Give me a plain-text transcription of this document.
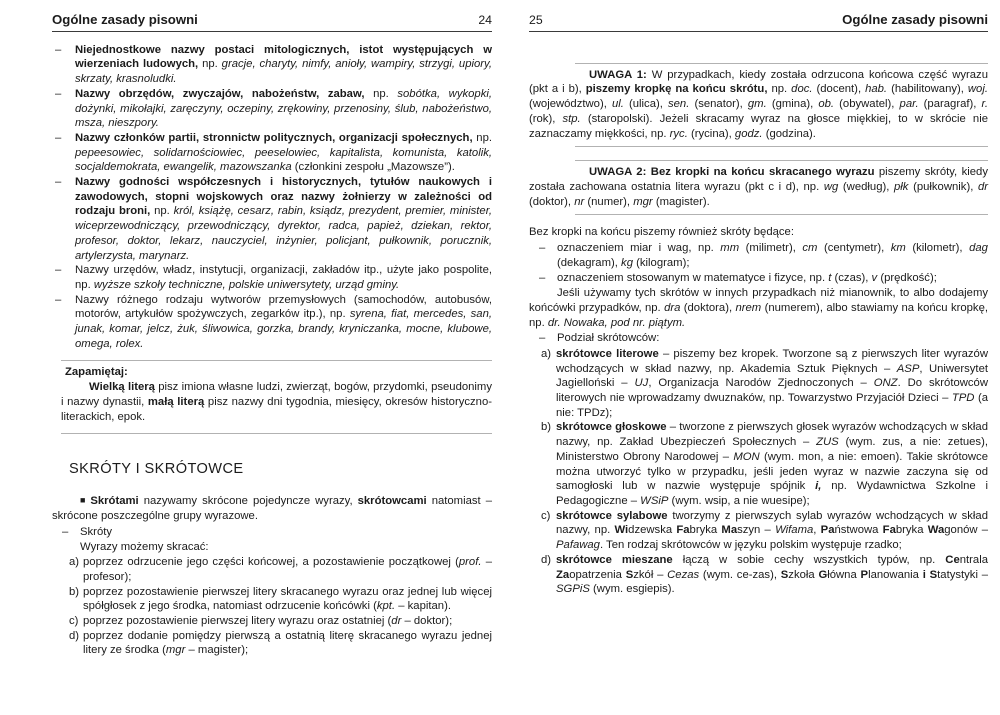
Ogólne zasady pisowni	24
–	Niejednostkowe nazwy postaci mitologicznych, istot występujących w wierzeniach ludowych, np. gracje, charyty, nimfy, anioły, wampiry, strzygi, upiory, skrzaty, krasnoludki.

–	Nazwy obrzędów, zwyczajów, nabożeństw, zabaw, np. sobótka, wykopki, dożynki, mikołajki, zaręczyny, oczepiny, zrękowiny, przenosiny, ślub, nabożeństwo, msza, nieszpory.

–	Nazwy członków partii, stronnictw politycznych, organizacji społecznych, np. pepeesowiec, solidarnościowiec, peeselowiec, kapitalista, komunista, katolik, socjaldemokrata, ewangelik, mazowszanka (członkini zespołu „Mazowsze”).

–	Nazwy godności współczesnych i historycznych, tytułów naukowych i zawodowych, stopni wojskowych oraz nazwy żołnierzy w zależności od rodzaju broni, np. król, książę, cesarz, rabin, ksiądz, prezydent, premier, minister, wiceprzewodniczący, przewodniczący, dyrektor, radca, papież, dziekan, rektor, profesor, doktor, lekarz, nauczyciel, inżynier, policjant, pułkownik, porucznik, artylerzysta, marynarz.

–	Nazwy urzędów, władz, instytucji, organizacji, zakładów itp., użyte jako pospolite, np. wyższe szkoły techniczne, polskie uniwersytety, urząd gminy.

–	Nazwy różnego rodzaju wytworów przemysłowych (samochodów, autobusów, motorów, artykułów spożywczych, zegarków itp.), np. syrena, fiat, mercedes, san, junak, komar, jelcz, żuk, śliwowica, gorzka, brandy, kryniczanka, mocne, klubowe, omega, rolex.

Zapamiętaj:

Wielką literą pisz imiona własne ludzi, zwierząt, bogów, przydomki, pseudonimy i nazwy dynastii, małą literą pisz nazwy dni tygodnia, miesięcy, okresów historyczno-literackich, epok.

SKRÓTY I SKRÓTOWCE

■Skrótami nazywamy skrócone pojedyncze wyrazy, skrótowcami natomiast – skrócone poszczególne grupy wyrazowe.

–	Skróty

Wyrazy możemy skracać:

a) poprzez odrzucenie jego części końcowej, a pozostawienie początkowej (prof. – profesor);

b) poprzez pozostawienie pierwszej litery skracanego wyrazu oraz jednej lub więcej spółgłosek z jego środka, natomiast odrzucenie końcówki (kpt. – kapitan).

c) poprzez pozostawienie pierwszej litery wyrazu oraz ostatniej (dr – doktor);

d) poprzez dodanie pomiędzy pierwszą a ostatnią literę skracanego wyrazu jednej litery ze środka (mgr – magister);

25	Ogólne zasady pisowni

UWAGA 1: W przypadkach, kiedy została odrzucona końcowa część wyrazu (pkt a i b), piszemy kropkę na końcu skrótu, np. doc. (docent), hab. (habilitowany), woj. (województwo), ul. (ulica), sen. (senator), gm. (gmina), ob. (obywatel), par. (paragraf), r. (rok), stp. (staropolski). Jeżeli skracamy wyraz na głosce miękkiej, to w skrócie nie zaznaczamy miękkości, np. ryc. (rycina), godz. (godzina).

UWAGA 2: Bez kropki na końcu skracanego wyrazu piszemy skróty, kiedy została zachowana ostatnia litera wyrazu (pkt c i d), np. wg (według), płk (pułkownik), dr (doktor), nr (numer), mgr (magister).

Bez kropki na końcu piszemy również skróty będące:

–	oznaczeniem miar i wag, np. mm (milimetr), cm (centymetr), km (kilometr), dag (dekagram), kg (kilogram);

–	oznaczeniem stosowanym w matematyce i fizyce, np. t (czas), v (prędkość);

Jeśli używamy tych skrótów w innych przypadkach niż mianownik, to albo dodajemy końcówki przypadków, np. dra (doktora), nrem (numerem), albo stawiamy na końcu kropkę, np. dr. Nowaka, pod nr. piątym.

–	Podział skrótowców:

a) skrótowce literowe – piszemy bez kropek. Tworzone są z pierwszych liter wyrazów wchodzących w skład nazwy, np. Akademia Sztuk Pięknych – ASP, Uniwersytet Jagielloński – UJ, Organizacja Narodów Zjednoczonych – ONZ. Do skrótowców literowych nie wprowadzamy dwuznaków, np. Towarzystwo Przyjaciół Dzieci – TPD (a nie: TPDz);

b) skrótowce głoskowe – tworzone z pierwszych głosek wyrazów wchodzących w skład nazwy, np. Zakład Ubezpieczeń Społecznych – ZUS (wym. zus, a nie: zetues), Ministerstwo Obrony Narodowej – MON (wym. mon, a nie: emoen). Takie skrótowce można utworzyć tylko w przypadku, jeśli jeden wyraz w nazwie zaczyna się od samogłoski lub w nazwie występuje spójnik i, np. Wydawnictwa Szkolne i Pedagogiczne – WSiP (wym. wsip, a nie wuesipe);

c) skrótowce sylabowe tworzymy z pierwszych sylab wyrazów wchodzących w skład nazwy, np. Widzewska Fabryka Maszyn – Wifama, Państwowa Fabryka Wagonów – Pafawag. Ten rodzaj skrótowców w języku polskim występuje rzadko;

d) skrótowce mieszane łączą w sobie cechy wszystkich typów, np. Centrala Zaopatrzenia Szkół – Cezas (wym. ce-zas), Szkoła Główna Planowania i Statystyki – SGPiS (wym. esgiepis).
